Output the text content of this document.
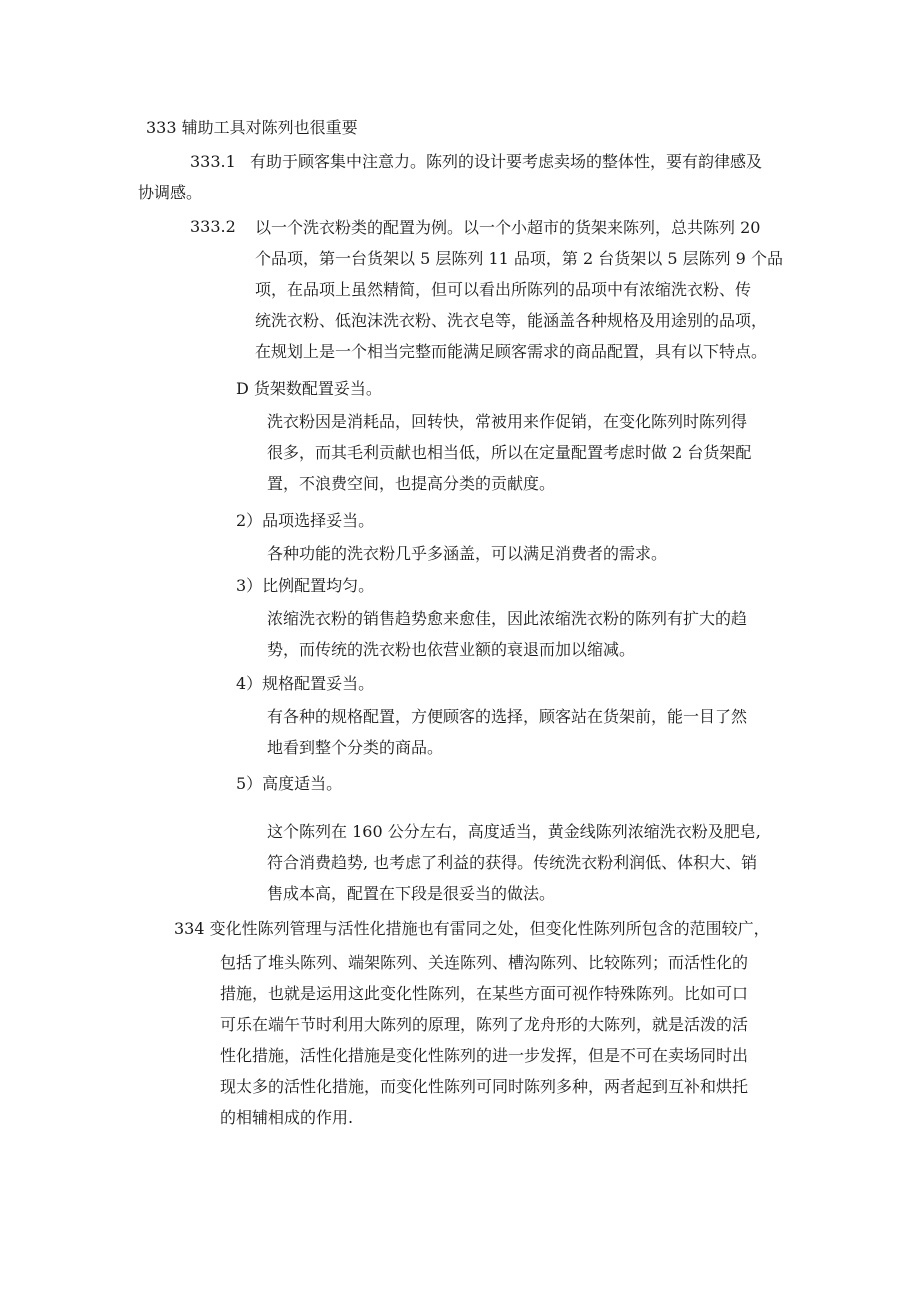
333 辅助工具对陈列也很重要
333.1 有助于顾客集中注意力。陈列的设计要考虑卖场的整体性，要有韵律感及
协调感。
333.2 以一个洗衣粉类的配置为例。以一个小超市的货架来陈列，总共陈列 20
个品项，第一台货架以 5 层陈列 11 品项，第 2 台货架以 5 层陈列 9 个品
项，在品项上虽然精简，但可以看出所陈列的品项中有浓缩洗衣粉、传
统洗衣粉、低泡沫洗衣粉、洗衣皂等，能涵盖各种规格及用途别的品项，
在规划上是一个相当完整而能满足顾客需求的商品配置，具有以下特点。
D 货架数配置妥当。
洗衣粉因是消耗品，回转快，常被用来作促销，在变化陈列时陈列得
很多，而其毛利贡献也相当低，所以在定量配置考虑时做 2 台货架配
置，不浪费空间，也提高分类的贡献度。
2）品项选择妥当。
各种功能的洗衣粉几乎多涵盖，可以满足消费者的需求。
3）比例配置均匀。
浓缩洗衣粉的销售趋势愈来愈佳，因此浓缩洗衣粉的陈列有扩大的趋
势，而传统的洗衣粉也依营业额的衰退而加以缩减。
4）规格配置妥当。
有各种的规格配置，方便顾客的选择，顾客站在货架前，能一目了然
地看到整个分类的商品。
5）高度适当。
这个陈列在 160 公分左右，高度适当，黄金线陈列浓缩洗衣粉及肥皂,
符合消费趋势, 也考虑了利益的获得。传统洗衣粉利润低、体积大、销
售成本高，配置在下段是很妥当的做法。
334 变化性陈列管理与活性化措施也有雷同之处，但变化性陈列所包含的范围较广，
包括了堆头陈列、端架陈列、关连陈列、槽沟陈列、比较陈列；而活性化的
措施，也就是运用这此变化性陈列，在某些方面可视作特殊陈列。比如可口
可乐在端午节时利用大陈列的原理，陈列了龙舟形的大陈列，就是活泼的活
性化措施，活性化措施是变化性陈列的进一步发挥，但是不可在卖场同时出
现太多的活性化措施，而变化性陈列可同时陈列多种，两者起到互补和烘托
的相辅相成的作用.
